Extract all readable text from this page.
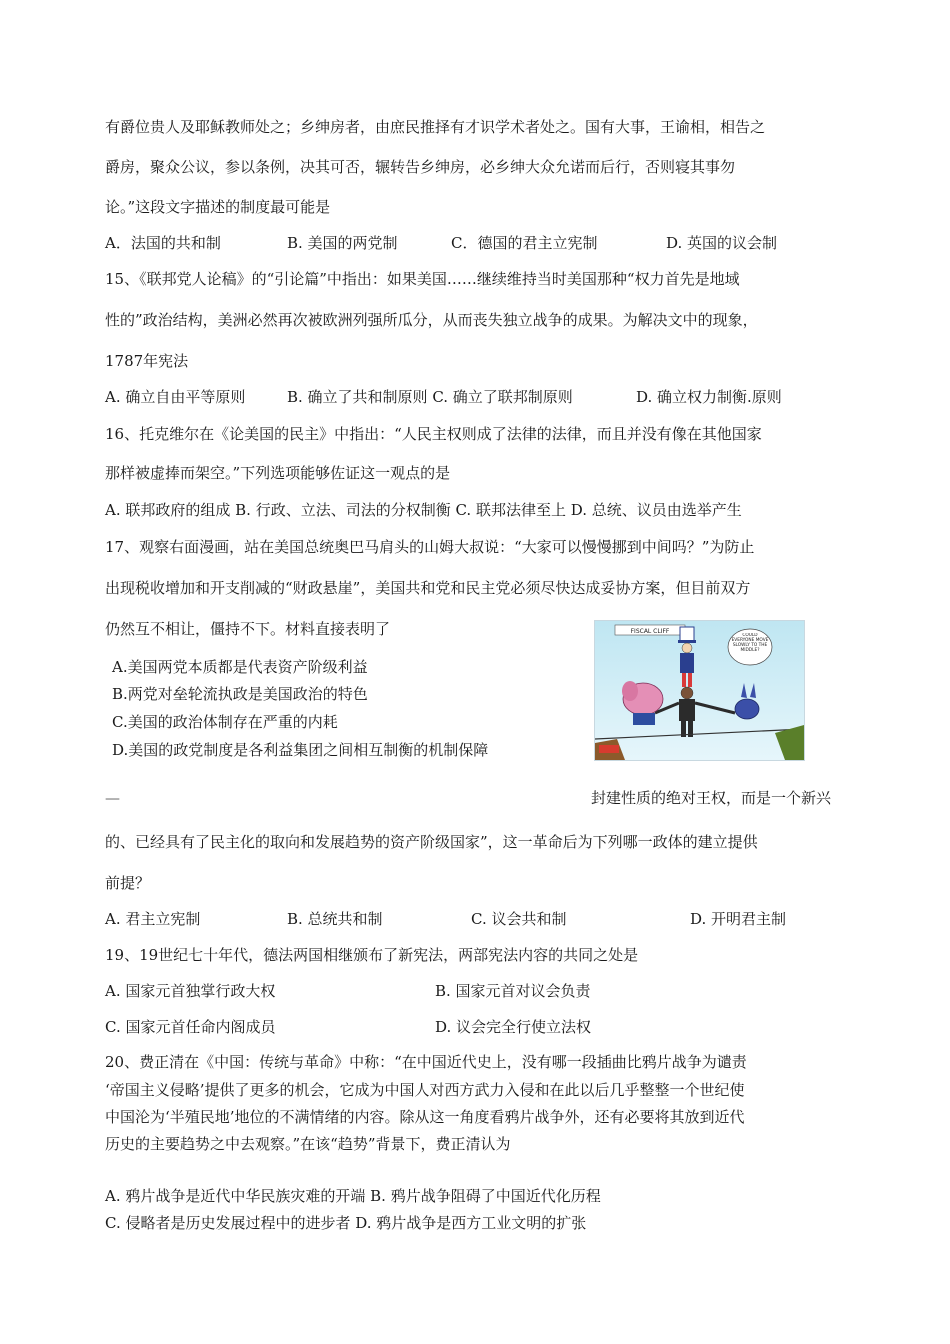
有爵位贵人及耶稣教师处之；乡绅房者，由庶民推择有才识学术者处之。国有大事，王谕相，相告之
爵房，聚众公议，参以条例，决其可否，辗转告乡绅房，必乡绅大众允诺而后行，否则寝其事勿
论。”这段文字描述的制度最可能是
A．法国的共和制	B. 美国的两党制	C．德国的君主立宪制	D. 英国的议会制
15、《联邦党人论稿》的“引论篇”中指出：如果美国……继续维持当时美国那种“权力首先是地域
性的”政治结构，美洲必然再次被欧洲列强所瓜分，从而丧失独立战争的成果。为解决文中的现象，
1787年宪法
A. 确立自由平等原则	B. 确立了共和制原则 C. 确立了联邦制原则	D. 确立权力制衡.原则
16、托克维尔在《论美国的民主》中指出：“人民主权则成了法律的法律，而且并没有像在其他国家
那样被虚捧而架空。”下列选项能够佐证这一观点的是
A. 联邦政府的组成 B. 行政、立法、司法的分权制衡 C. 联邦法律至上 D. 总统、议员由选举产生
17、观察右面漫画，站在美国总统奥巴马肩头的山姆大叔说：“大家可以慢慢挪到中间吗？”为防止
出现税收增加和开支削减的“财政悬崖”，美国共和党和民主党必须尽快达成妥协方案，但目前双方
仍然互不相让，僵持不下。材料直接表明了
A.美国两党本质都是代表资产阶级利益
B.两党对垒轮流执政是美国政治的特色
C.美国的政治体制存在严重的内耗
D.美国的政党制度是各利益集团之间相互制衡的机制保障
FISCAL CLIFF
COULD EVERYONE MOVE SLOWLY TO THE MIDDLE?
—	封建性质的绝对王权，而是一个新兴
的、已经具有了民主化的取向和发展趋势的资产阶级国家”，这一革命后为下列哪一政体的建立提供
前提？
A. 君主立宪制	B. 总统共和制	C. 议会共和制	D. 开明君主制
19、19世纪七十年代，德法两国相继颁布了新宪法，两部宪法内容的共同之处是
A. 国家元首独掌行政大权	B. 国家元首对议会负责
C. 国家元首任命内阁成员	D. 议会完全行使立法权
20、费正清在《中国：传统与革命》中称：“在中国近代史上，没有哪一段插曲比鸦片战争为谴责
‘帝国主义侵略’提供了更多的机会，它成为中国人对西方武力入侵和在此以后几乎整整一个世纪使
中国沦为‘半殖民地’地位的不满情绪的内容。除从这一角度看鸦片战争外，还有必要将其放到近代
历史的主要趋势之中去观察。”在该“趋势”背景下，费正清认为
A. 鸦片战争是近代中华民族灾难的开端 B. 鸦片战争阻碍了中国近代化历程
C. 侵略者是历史发展过程中的进步者 D. 鸦片战争是西方工业文明的扩张
